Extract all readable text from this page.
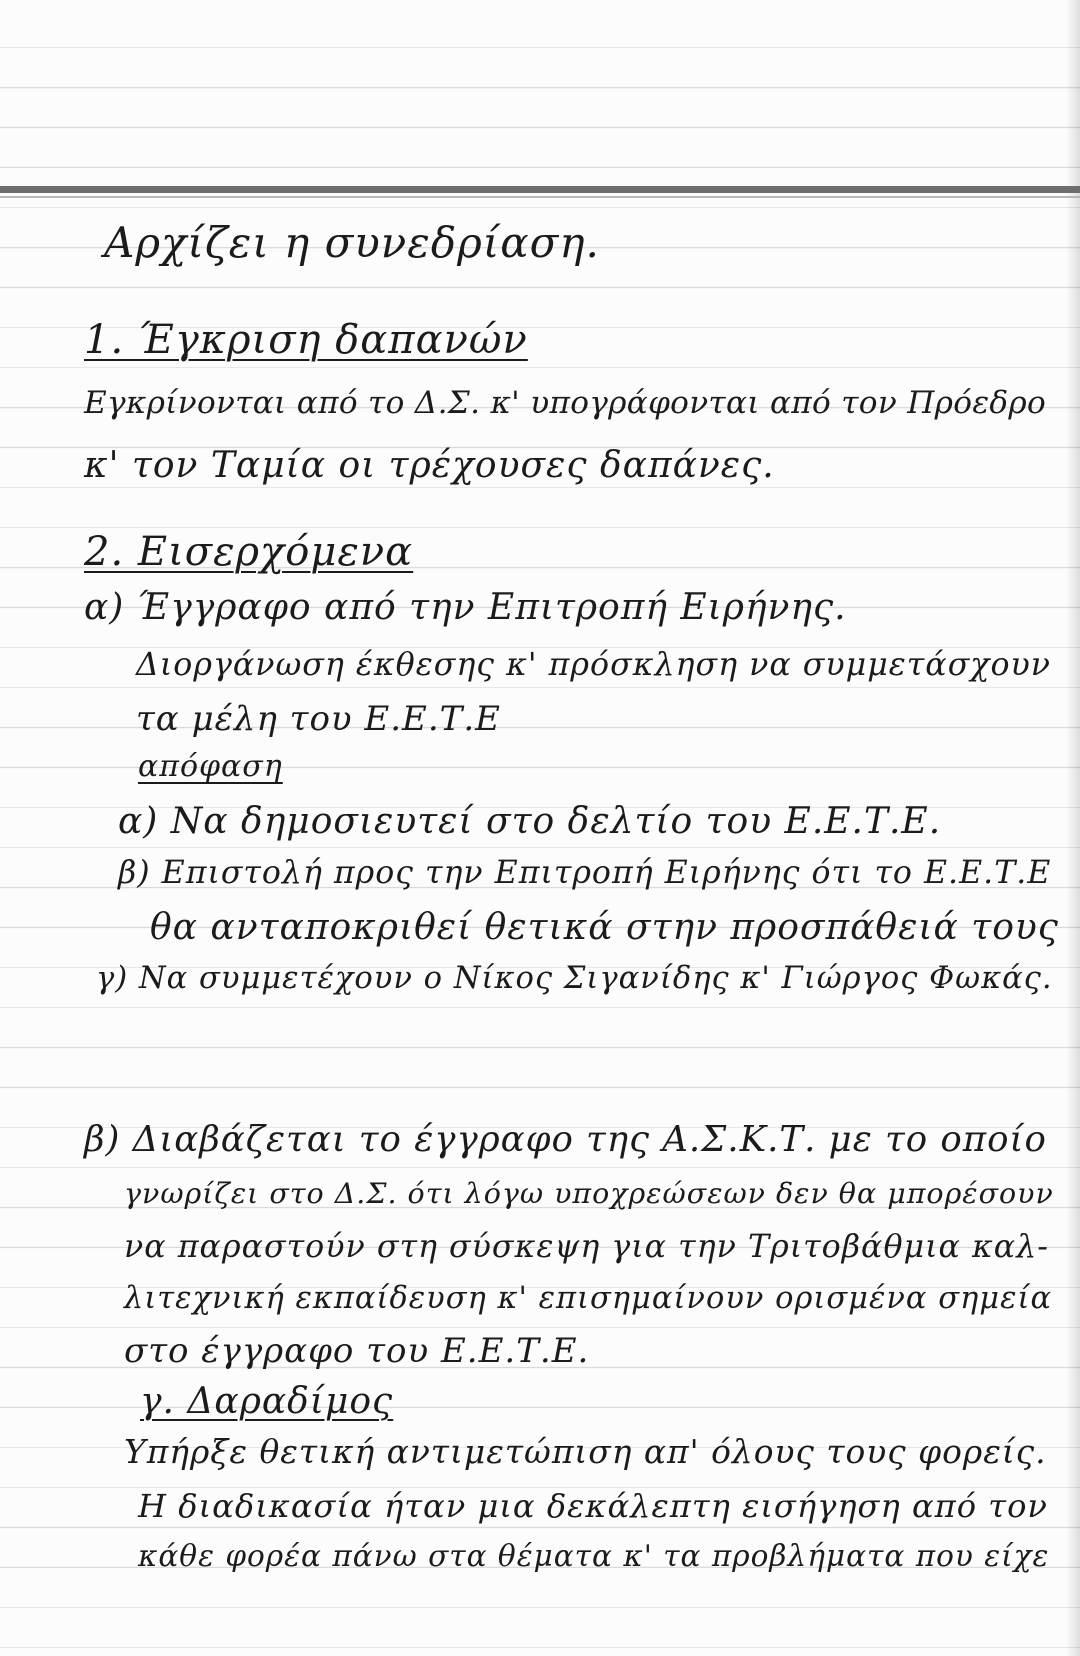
Αρχίζει η συνεδρίαση.

1. Έγκριση δαπανών

Εγκρίνονται από το Δ.Σ. κ' υπογράφονται από τον Πρόεδρο

κ' τον Ταμία οι τρέχουσες δαπάνες.

2. Εισερχόμενα

α) Έγγραφο από την Επιτροπή Ειρήνης.

Διοργάνωση έκθεσης κ' πρόσκληση να συμμετάσχουν

τα μέλη του Ε.Ε.Τ.Ε

απόφαση

α) Να δημοσιευτεί στο δελτίο του Ε.Ε.Τ.Ε.

β) Επιστολή προς την Επιτροπή Ειρήνης ότι το Ε.Ε.Τ.Ε

θα ανταποκριθεί θετικά στην προσπάθειά τους

γ) Να συμμετέχουν ο Νίκος Σιγανίδης κ' Γιώργος Φωκάς.

β) Διαβάζεται το έγγραφο της Α.Σ.Κ.Τ. με το οποίο

γνωρίζει στο Δ.Σ. ότι λόγω υποχρεώσεων δεν θα μπορέσουν

να παραστούν στη σύσκεψη για την Τριτοβάθμια καλ-

λιτεχνική εκπαίδευση κ' επισημαίνουν ορισμένα σημεία

στο έγγραφο του Ε.Ε.Τ.Ε.

γ. Δαραδίμος

Υπήρξε θετική αντιμετώπιση απ' όλους τους φορείς.

Η διαδικασία ήταν μια δεκάλεπτη εισήγηση από τον

κάθε φορέα πάνω στα θέματα κ' τα προβλήματα που είχε
